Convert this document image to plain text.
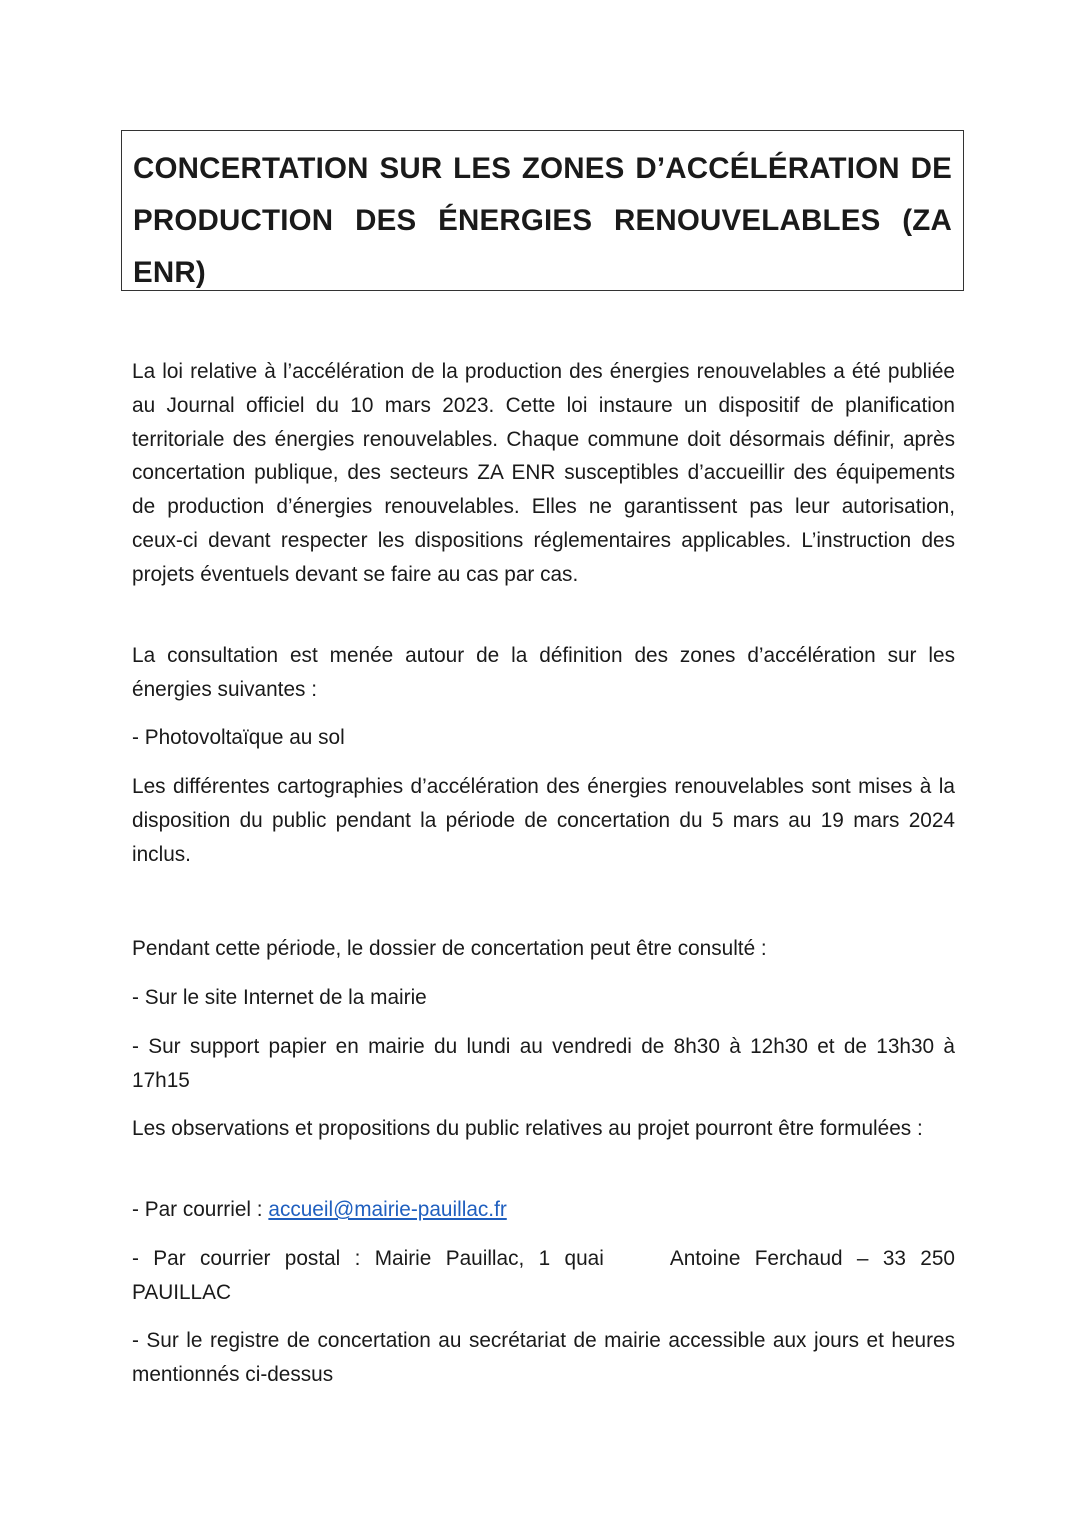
CONCERTATION SUR LES ZONES D’ACCÉLÉRATION DE PRODUCTION DES ÉNERGIES RENOUVELABLES (ZA ENR)

La loi relative à l’accélération de la production des énergies renouvelables a été publiée au Journal officiel du 10 mars 2023. Cette loi instaure un dispositif de planification territoriale des énergies renouvelables. Chaque commune doit désormais définir, après concertation publique, des secteurs ZA ENR susceptibles d’accueillir des équipements de production d’énergies renouvelables. Elles ne garantissent pas leur autorisation, ceux-ci devant respecter les dispositions réglementaires applicables. L’instruction des projets éventuels devant se faire au cas par cas.

La consultation est menée autour de la définition des zones d’accélération sur les énergies suivantes :

- Photovoltaïque au sol

Les différentes cartographies d’accélération des énergies renouvelables sont mises à la disposition du public pendant la période de concertation du 5 mars au 19 mars 2024 inclus.

Pendant cette période, le dossier de concertation peut être consulté :

- Sur le site Internet de la mairie

- Sur support papier en mairie du lundi au vendredi de 8h30 à 12h30 et de 13h30 à 17h15

Les observations et propositions du public relatives au projet pourront être formulées :

- Par courriel : accueil@mairie-pauillac.fr

- Par courrier postal : Mairie Pauillac, 1 quai	Antoine Ferchaud – 33 250 PAUILLAC

- Sur le registre de concertation au secrétariat de mairie accessible aux jours et heures mentionnés ci-dessus
